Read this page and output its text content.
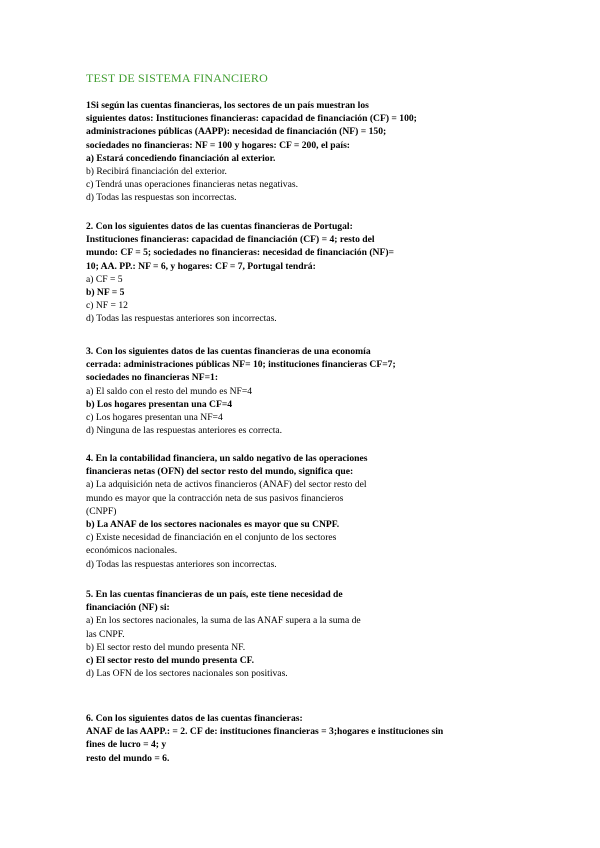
TEST DE SISTEMA FINANCIERO
1Si según las cuentas financieras, los sectores de un país muestran los
siguientes datos: Instituciones financieras: capacidad de financiación (CF) = 100;
administraciones públicas (AAPP): necesidad de financiación (NF) = 150;
sociedades no financieras: NF = 100 y hogares: CF = 200, el país:
a) Estará concediendo financiación al exterior.
b) Recibirá financiación del exterior.
c) Tendrá unas operaciones financieras netas negativas.
d) Todas las respuestas son incorrectas.
2. Con los siguientes datos de las cuentas financieras de Portugal:
Instituciones financieras: capacidad de financiación (CF) = 4; resto del
mundo: CF = 5; sociedades no financieras: necesidad de financiación (NF)=
10; AA. PP.: NF = 6, y hogares: CF = 7, Portugal tendrá:
a) CF = 5
b) NF = 5
c) NF = 12
d) Todas las respuestas anteriores son incorrectas.
3. Con los siguientes datos de las cuentas financieras de una economía
cerrada: administraciones públicas NF= 10; instituciones financieras CF=7;
sociedades no financieras NF=1:
a) El saldo con el resto del mundo es NF=4
b) Los hogares presentan una CF=4
c) Los hogares presentan una NF=4
d) Ninguna de las respuestas anteriores es correcta.
4. En la contabilidad financiera, un saldo negativo de las operaciones
financieras netas (OFN) del sector resto del mundo, significa que:
a) La adquisición neta de activos financieros (ANAF) del sector resto del
mundo es mayor que la contracción neta de sus pasivos financieros
(CNPF)
b) La ANAF de los sectores nacionales es mayor que su CNPF.
c) Existe necesidad de financiación en el conjunto de los sectores
económicos nacionales.
d) Todas las respuestas anteriores son incorrectas.
5. En las cuentas financieras de un país, este tiene necesidad de
financiación (NF) si:
a) En los sectores nacionales, la suma de las ANAF supera a la suma de
las CNPF.
b) El sector resto del mundo presenta NF.
c) El sector resto del mundo presenta CF.
d) Las OFN de los sectores nacionales son positivas.
6. Con los siguientes datos de las cuentas financieras:
ANAF de las AAPP.: = 2. CF de: instituciones financieras = 3;hogares e instituciones sin
fines de lucro = 4; y
resto del mundo = 6.
